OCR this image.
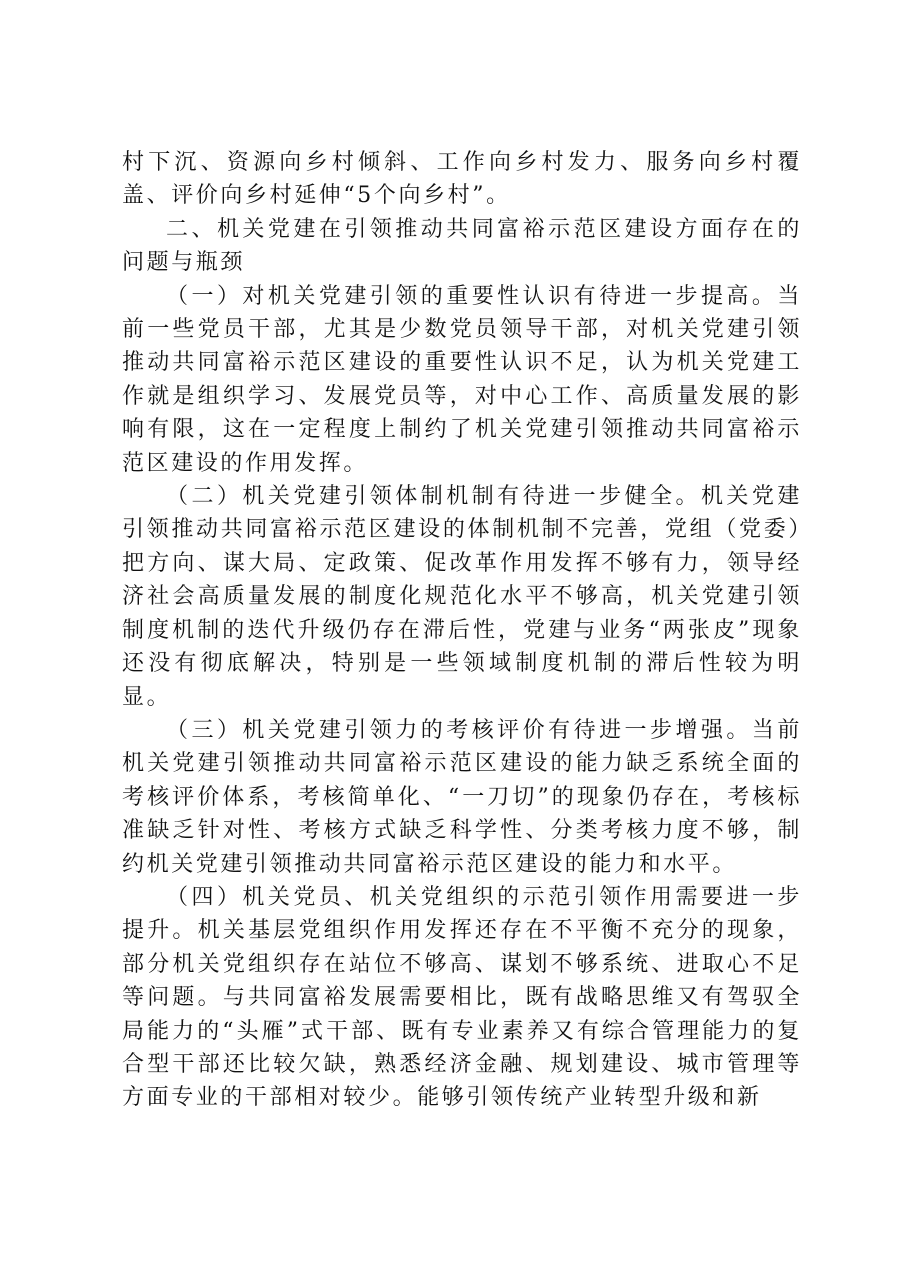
村下沉、资源向乡村倾斜、工作向乡村发力、服务向乡村覆盖、评价向乡村延伸“5个向乡村”。

二、机关党建在引领推动共同富裕示范区建设方面存在的问题与瓶颈

（一）对机关党建引领的重要性认识有待进一步提高。当前一些党员干部，尤其是少数党员领导干部，对机关党建引领推动共同富裕示范区建设的重要性认识不足，认为机关党建工作就是组织学习、发展党员等，对中心工作、高质量发展的影响有限，这在一定程度上制约了机关党建引领推动共同富裕示范区建设的作用发挥。

（二）机关党建引领体制机制有待进一步健全。机关党建引领推动共同富裕示范区建设的体制机制不完善，党组（党委）把方向、谋大局、定政策、促改革作用发挥不够有力，领导经济社会高质量发展的制度化规范化水平不够高，机关党建引领制度机制的迭代升级仍存在滞后性，党建与业务“两张皮”现象还没有彻底解决，特别是一些领域制度机制的滞后性较为明显。

（三）机关党建引领力的考核评价有待进一步增强。当前机关党建引领推动共同富裕示范区建设的能力缺乏系统全面的考核评价体系，考核简单化、“一刀切”的现象仍存在，考核标准缺乏针对性、考核方式缺乏科学性、分类考核力度不够，制约机关党建引领推动共同富裕示范区建设的能力和水平。

（四）机关党员、机关党组织的示范引领作用需要进一步提升。机关基层党组织作用发挥还存在不平衡不充分的现象，部分机关党组织存在站位不够高、谋划不够系统、进取心不足等问题。与共同富裕发展需要相比，既有战略思维又有驾驭全局能力的“头雁”式干部、既有专业素养又有综合管理能力的复合型干部还比较欠缺，熟悉经济金融、规划建设、城市管理等方面专业的干部相对较少。能够引领传统产业转型升级和新
